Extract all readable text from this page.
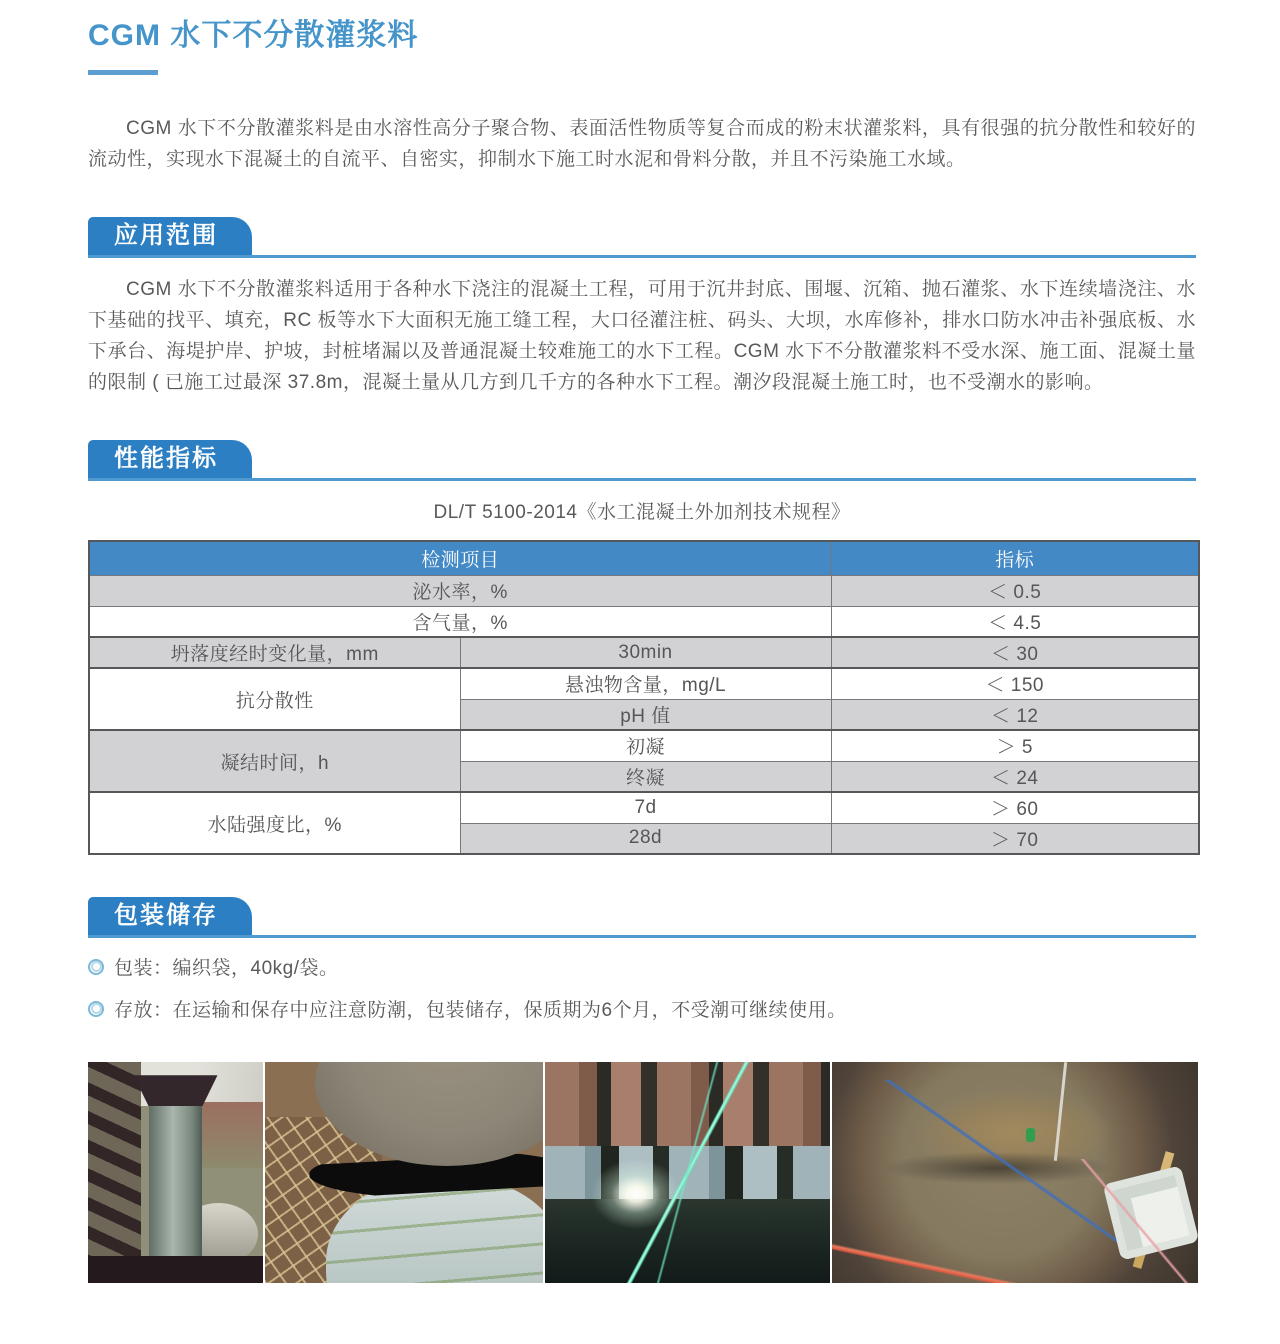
CGM 水下不分散灌浆料

CGM 水下不分散灌浆料是由水溶性高分子聚合物、表面活性物质等复合而成的粉末状灌浆料，具有很强的抗分散性和较好的流动性，实现水下混凝土的自流平、自密实，抑制水下施工时水泥和骨料分散，并且不污染施工水域。

应用范围

CGM 水下不分散灌浆料适用于各种水下浇注的混凝土工程，可用于沉井封底、围堰、沉箱、抛石灌浆、水下连续墙浇注、水下基础的找平、填充，RC 板等水下大面积无施工缝工程，大口径灌注桩、码头、大坝，水库修补，排水口防水冲击补强底板、水下承台、海堤护岸、护坡，封桩堵漏以及普通混凝土较难施工的水下工程。CGM 水下不分散灌浆料不受水深、施工面、混凝土量的限制 ( 已施工过最深 37.8m，混凝土量从几方到几千方的各种水下工程。潮汐段混凝土施工时，也不受潮水的影响。

性能指标

DL/T 5100-2014《水工混凝土外加剂技术规程》

检测项目		指标
泌水率，%		＜ 0.5
含气量，%		＜ 4.5
坍落度经时变化量，mm	30min	＜ 30
抗分散性	悬浊物含量，mg/L	＜ 150
	pH 值	＜ 12
凝结时间，h	初凝	＞ 5
	终凝	＜ 24
水陆强度比，%	7d	＞ 60
	28d	＞ 70
包装储存
包装：编织袋，40kg/袋。
存放：在运输和保存中应注意防潮，包装储存，保质期为6个月，不受潮可继续使用。
